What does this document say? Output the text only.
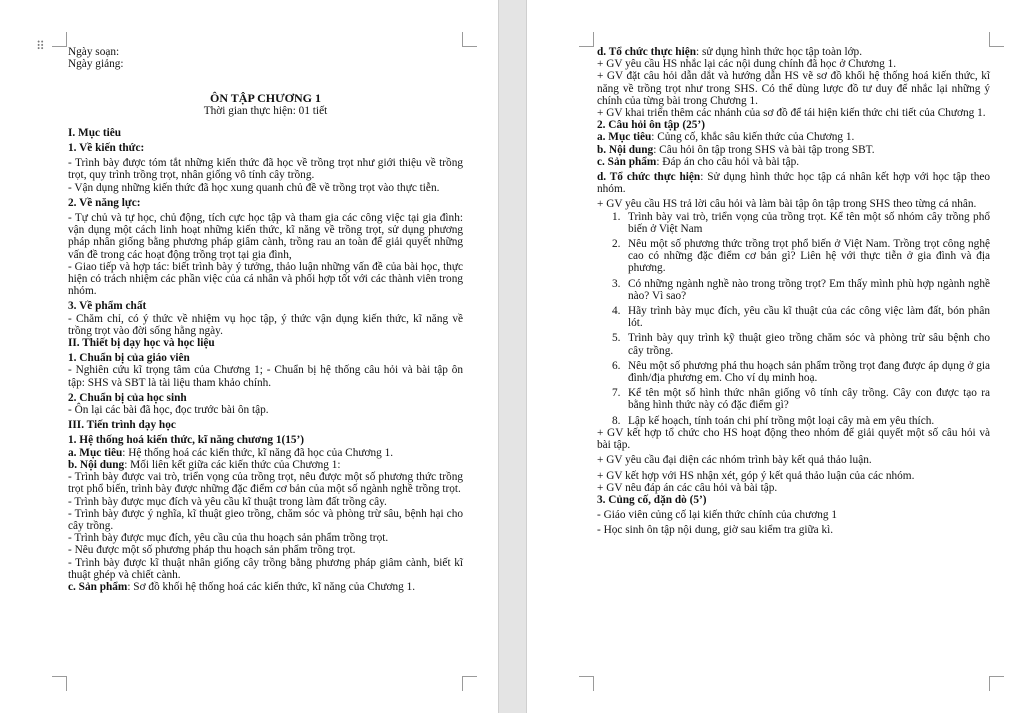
⠿ Ngày soạn:

Ngày giảng:

ÔN TẬP CHƯƠNG 1

Thời gian thực hiện: 01 tiết

I. Mục tiêu

1. Về kiến thức:

- Trình bày được tóm tắt những kiến thức đã học về trồng trọt như giới thiệu về trồng trọt, quy trình trồng trọt, nhân giống vô tính cây trồng.

- Vận dụng những kiến thức đã học xung quanh chủ đề về trồng trọt vào thực tiễn.

2. Về năng lực:

- Tự chủ và tự học, chủ động, tích cực học tập và tham gia các công việc tại gia đình: vận dụng một cách linh hoạt những kiến thức, kĩ năng về trồng trọt, sử dụng phương pháp nhân giống bằng phương pháp giâm cành, trồng rau an toàn để giải quyết những vấn đề trong các hoạt động trồng trọt tại gia đình,

- Giao tiếp và hợp tác: biết trình bày ý tưởng, thảo luận những vấn đề của bài học, thực hiện có trách nhiệm các phần việc của cá nhân và phối hợp tốt với các thành viên trong nhóm.

3. Về phẩm chất

- Chăm chỉ, có ý thức về nhiệm vụ học tập, ý thức vận dụng kiến thức, kĩ năng về trồng trọt vào đời sống hằng ngày.

II. Thiết bị dạy học và học liệu

1. Chuẩn bị của giáo viên

- Nghiên cứu kĩ trọng tâm của Chương 1; - Chuẩn bị hệ thống câu hỏi và bài tập ôn tập: SHS và SBT là tài liệu tham khảo chính.

2. Chuẩn bị của học sinh

- Ôn lại các bài đã học, đọc trước bài ôn tập.

III. Tiến trình dạy học

1. Hệ thống hoá kiến thức, kĩ năng chương 1(15’)

a. Mục tiêu: Hệ thống hoá các kiến thức, kĩ năng đã học của Chương 1.

b. Nội dung: Mối liên kết giữa các kiến thức của Chương 1:

- Trình bày được vai trò, triển vọng của trồng trọt, nêu được một số phương thức trồng trọt phổ biến, trình bày được những đặc điểm cơ bản của một số ngành nghề trồng trọt.

- Trình bày được mục đích và yêu cầu kĩ thuật trong làm đất trồng cây.

- Trình bày được ý nghĩa, kĩ thuật gieo trồng, chăm sóc và phòng trừ sâu, bệnh hại cho cây trồng.

- Trình bày được mục đích, yêu cầu của thu hoạch sản phẩm trồng trọt.

- Nêu được một số phương pháp thu hoạch sản phẩm trồng trọt.

- Trình bày được kĩ thuật nhân giống cây trồng bằng phương pháp giâm cành, biết kĩ thuật ghép và chiết cành.

c. Sản phẩm: Sơ đồ khối hệ thống hoá các kiến thức, kĩ năng của Chương 1.

d. Tổ chức thực hiện: sử dụng hình thức học tập toàn lớp.

+ GV yêu cầu HS nhắc lại các nội dung chính đã học ở Chương 1.

+ GV đặt câu hỏi dẫn dắt và hướng dẫn HS vẽ sơ đồ khối hệ thống hoá kiến thức, kĩ năng về trồng trọt như trong SHS. Có thể dùng lược đồ tư duy để nhắc lại những ý chính của từng bài trong Chương 1.

+ GV khai triển thêm các nhánh của sơ đồ để tái hiện kiến thức chi tiết của Chương 1.

2. Câu hỏi ôn tập (25’)

a. Mục tiêu: Củng cố, khắc sâu kiến thức của Chương 1.

b. Nội dung: Câu hỏi ôn tập trong SHS và bài tập trong SBT.

c. Sản phẩm: Đáp án cho câu hỏi và bài tập.

d. Tổ chức thực hiện: Sử dụng hình thức học tập cá nhân kết hợp với học tập theo nhóm.

+ GV yêu cầu HS trả lời câu hỏi và làm bài tập ôn tập trong SHS theo từng cá nhân.

1. Trình bày vai trò, triển vọng của trồng trọt. Kể tên một số nhóm cây trồng phổ biến ở Việt Nam
2. Nêu một số phương thức trồng trọt phổ biến ở Việt Nam. Trồng trọt công nghệ cao có những đặc điểm cơ bản gì? Liên hệ với thực tiễn ở gia đình và địa phương.
3. Có những ngành nghề nào trong trồng trọt? Em thấy mình phù hợp ngành nghề nào? Vì sao?
4. Hãy trình bày mục đích, yêu cầu kĩ thuật của các công việc làm đất, bón phân lót.
5. Trình bày quy trình kỹ thuật gieo trồng chăm sóc và phòng trừ sâu bệnh cho cây trồng.
6. Nêu một số phương phá thu hoạch sản phẩm trồng trọt đang được áp dụng ở gia đình/địa phương em. Cho ví dụ minh hoạ.
7. Kể tên một số hình thức nhân giống vô tính cây trồng. Cây con được tạo ra bằng hình thức này có đặc điểm gì?
8. Lập kế hoạch, tính toán chi phí trồng một loại cây mà em yêu thích.

+ GV kết hợp tổ chức cho HS hoạt động theo nhóm để giải quyết một số câu hỏi và bài tập.

+ GV yêu cầu đại diện các nhóm trình bày kết quả thảo luận.

+ GV kết hợp với HS nhận xét, góp ý kết quả thảo luận của các nhóm.

+ GV nêu đáp án các câu hỏi và bài tập.

3. Củng cố, dặn dò (5’)

- Giáo viên củng cố lại kiến thức chính của chương 1

- Học sinh ôn tập nội dung, giờ sau kiểm tra giữa kì.
